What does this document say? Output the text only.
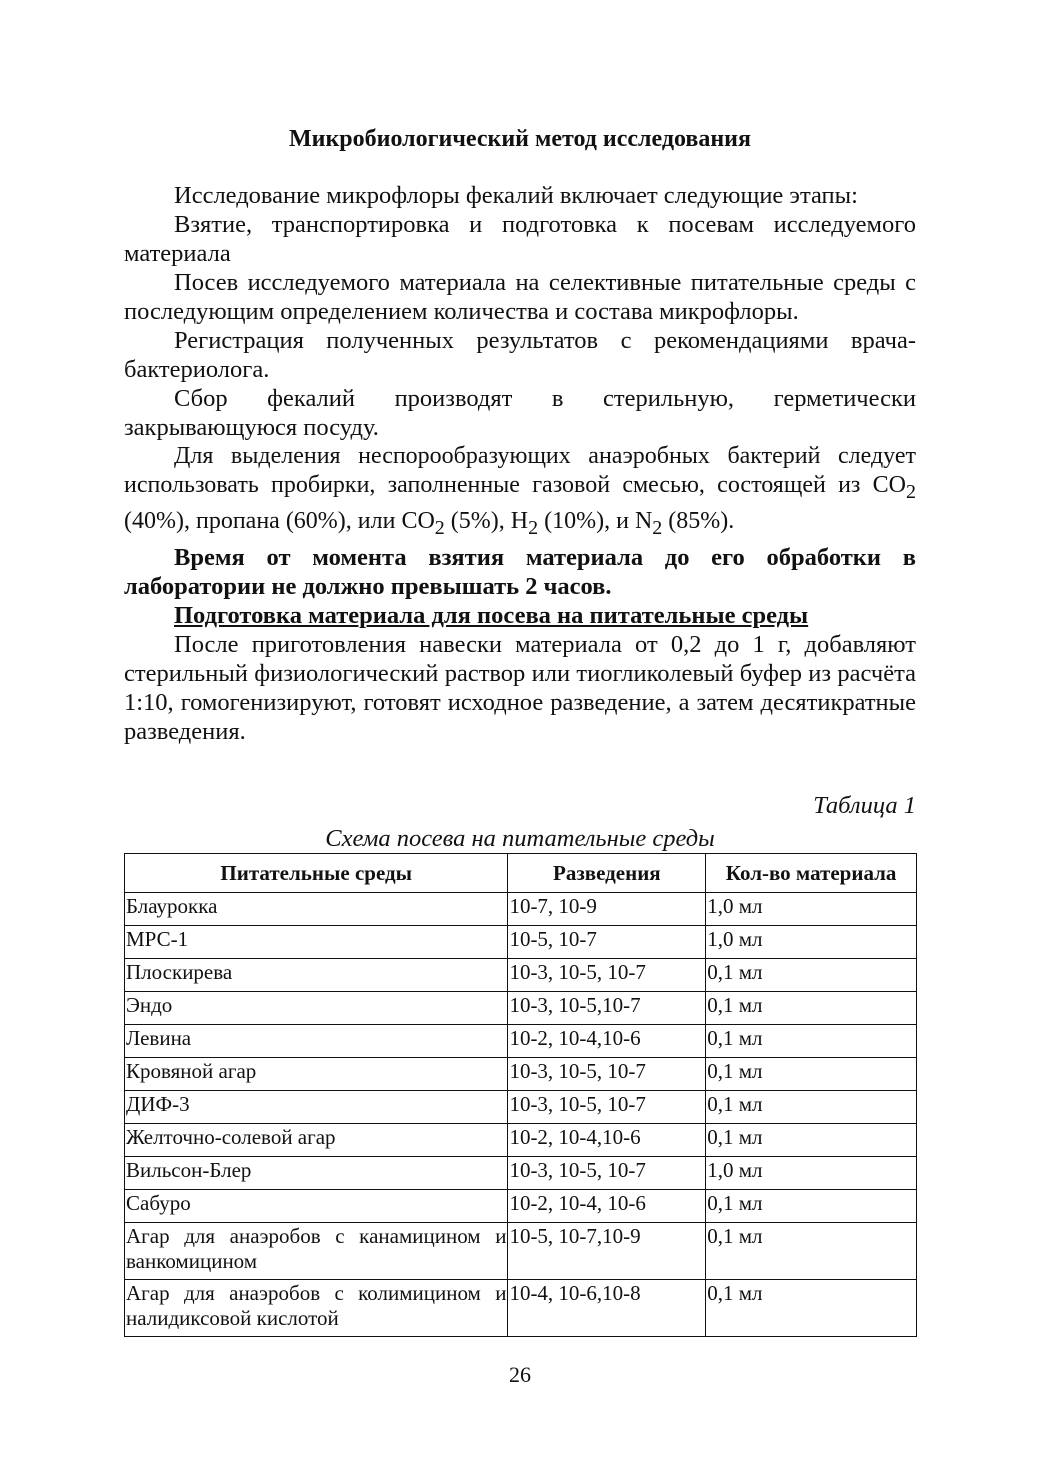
Микробиологический метод исследования

Исследование микрофлоры фекалий включает следующие этапы:

Взятие, транспортировка и подготовка к посевам исследуемого материала

Посев исследуемого материала на селективные питательные среды с последующим определением количества и состава микрофлоры.

Регистрация полученных результатов с рекомендациями врача-бактериолога.

Сбор фекалий производят в стерильную, герметически закрывающуюся посуду.

Для выделения неспорообразующих анаэробных бактерий следует использовать пробирки, заполненные газовой смесью, состоящей из $CO_2$ (40%), пропана (60%), или $CO_2$ (5%), $H_2$ (10%), и $N_2$ (85%).

Время от момента взятия материала до его обработки в лаборатории не должно превышать 2 часов.

Подготовка материала для посева на питательные среды

После приготовления навески материала от 0,2 до 1 г, добавляют стерильный физиологический раствор или тиогликолевый буфер из расчёта 1:10, гомогенизируют, готовят исходное разведение, а затем десятикратные разведения.

Таблица 1
Схема посева на питательные среды
Питательные среды	Разведения	Кол-во материала
Блаурокка	10-7, 10-9	1,0 мл
МРС-1	10-5, 10-7	1,0 мл
Плоскирева	10-3, 10-5, 10-7	0,1 мл
Эндо	10-3, 10-5,10-7	0,1 мл
Левина	10-2, 10-4,10-6	0,1 мл
Кровяной агар	10-3, 10-5, 10-7	0,1 мл
ДИФ-3	10-3, 10-5, 10-7	0,1 мл
Желточно-солевой агар	10-2, 10-4,10-6	0,1 мл
Вильсон-Блер	10-3, 10-5, 10-7	1,0 мл
Сабуро	10-2, 10-4, 10-6	0,1 мл
Агар для анаэробов с канамицином и ванкомицином	10-5, 10-7,10-9	0,1 мл
Агар для анаэробов с колимицином и налидиксовой кислотой	10-4, 10-6,10-8	0,1 мл
26
